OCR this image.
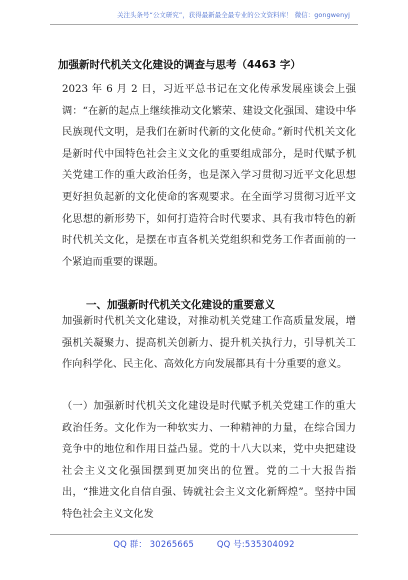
关注头条号“公文研究”，获得最新最全最专业的公文资料库！ 微信：gongwenyj
加强新时代机关文化建设的调查与思考（4463 字）

2023 年 6 月 2 日，习近平总书记在文化传承发展座谈会上强调：“在新的起点上继续推动文化繁荣、建设文化强国、建设中华民族现代文明，是我们在新时代新的文化使命。”新时代机关文化是新时代中国特色社会主义文化的重要组成部分，是时代赋予机关党建工作的重大政治任务，也是深入学习贯彻习近平文化思想更好担负起新的文化使命的客观要求。在全面学习贯彻习近平文化思想的新形势下，如何打造符合时代要求、具有我市特色的新时代机关文化，是摆在市直各机关党组织和党务工作者面前的一个紧迫而重要的课题。

一、加强新时代机关文化建设的重要意义

加强新时代机关文化建设，对推动机关党建工作高质量发展，增强机关凝聚力、提高机关创新力、提升机关执行力，引导机关工作向科学化、民主化、高效化方向发展都具有十分重要的意义。

（一）加强新时代机关文化建设是时代赋予机关党建工作的重大政治任务。文化作为一种软实力、一种精神的力量，在综合国力竞争中的地位和作用日益凸显。党的十八大以来，党中央把建设社会主义文化强国摆到更加突出的位置。党的二十大报告指出，“推进文化自信自强、铸就社会主义文化新辉煌”。坚持中国特色社会主义文化发

QQ 群： 30265665	QQ 号:535304092
